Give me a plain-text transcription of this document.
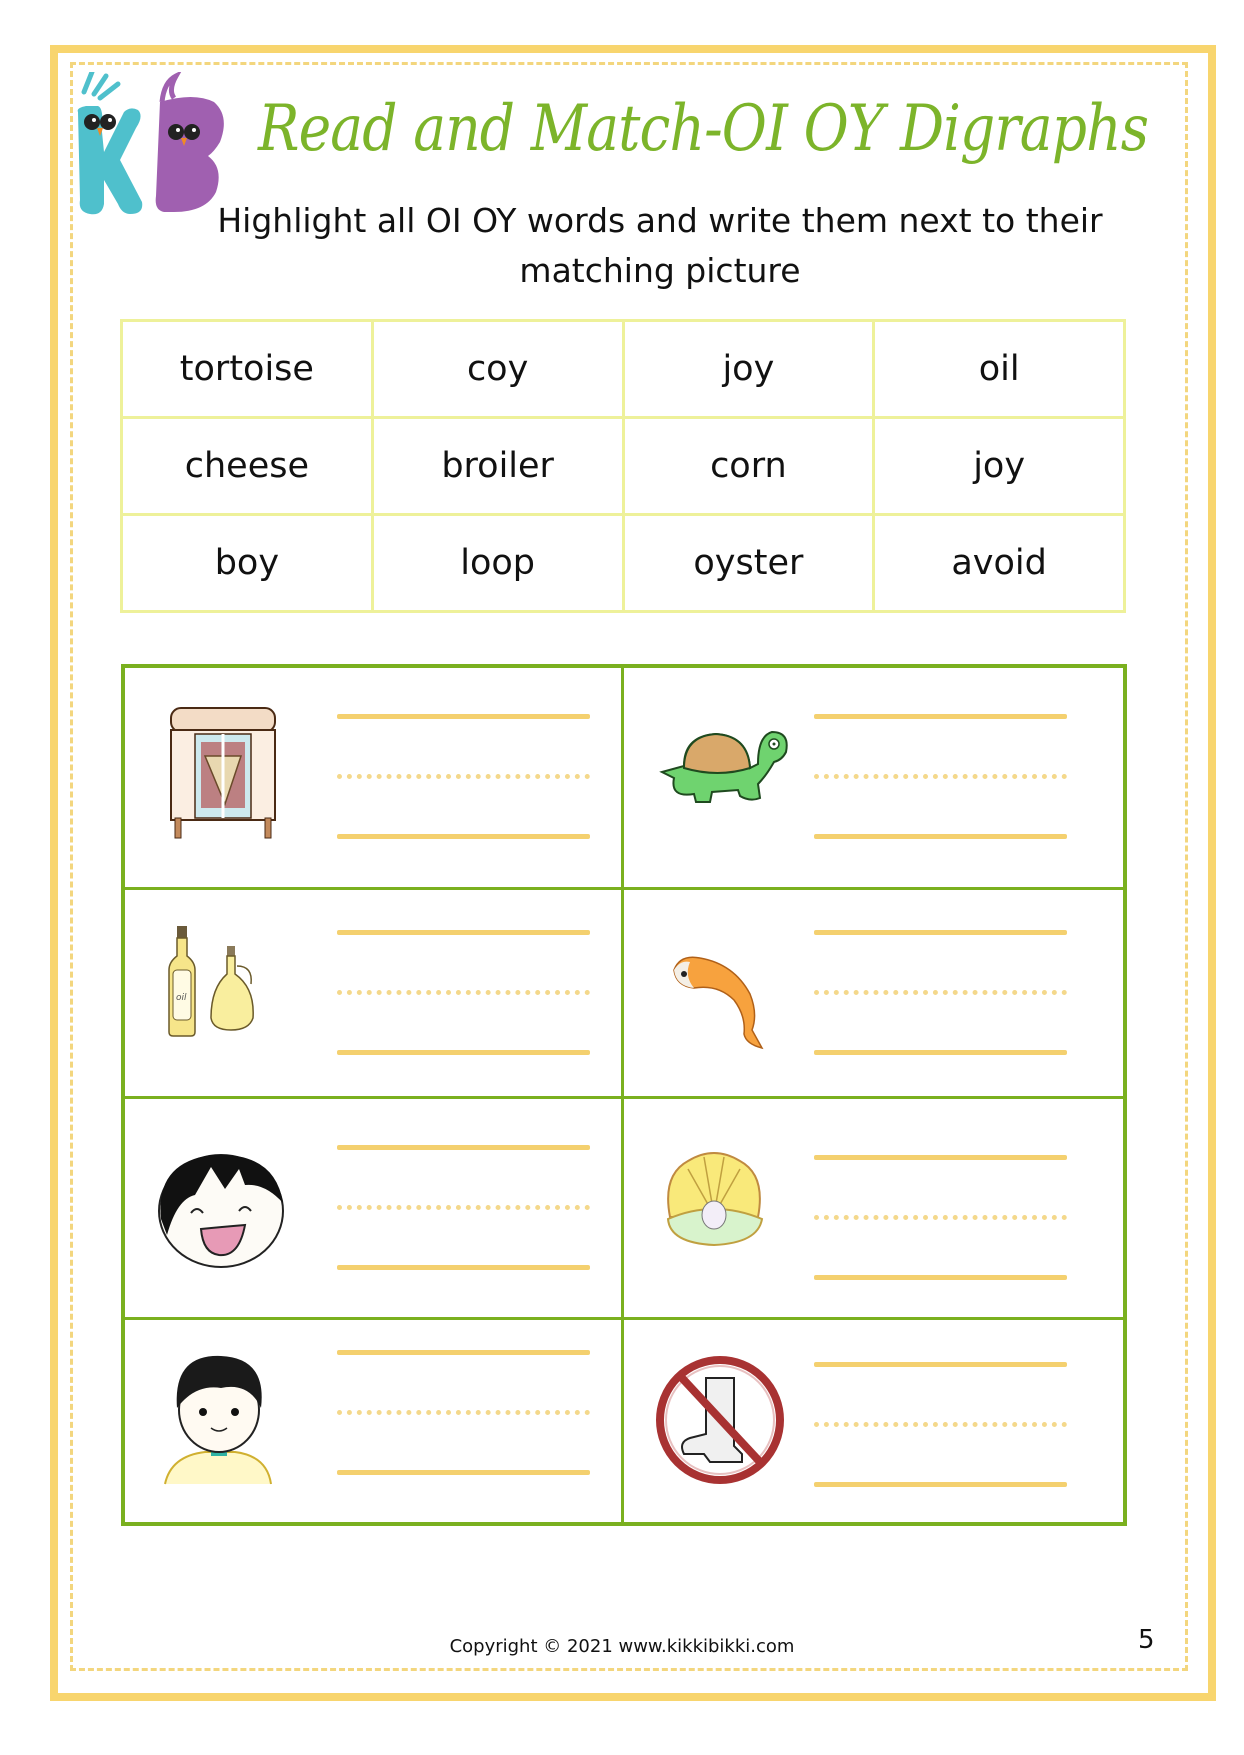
Read and Match-OI OY Digraphs
Highlight all OI OY words and write them next to their matching picture
tortoise	coy	joy	oil
cheese	broiler	corn	joy
boy	loop	oyster	avoid
oil
Copyright © 2021 www.kikkibikki.com	5
